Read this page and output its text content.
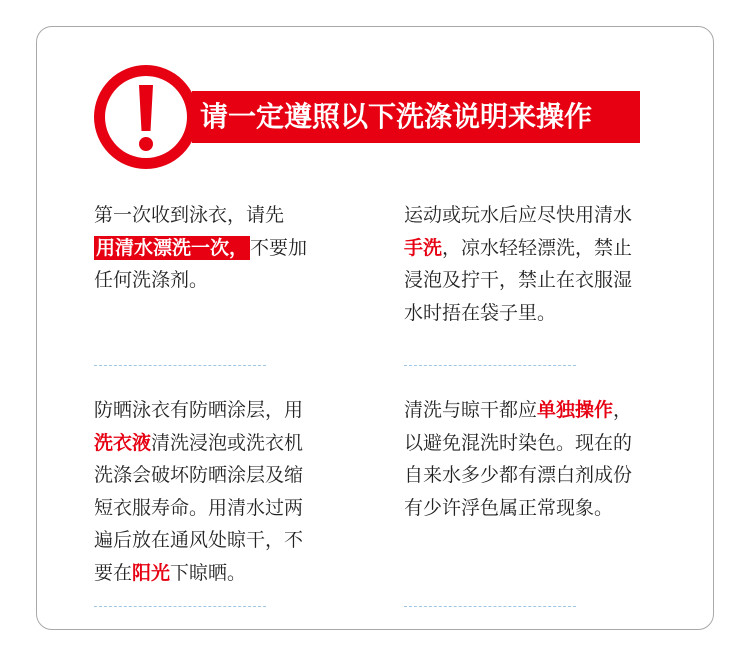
请一定遵照以下洗涤说明来操作
第一次收到泳衣，请先
用清水漂洗一次， 不要加
任何洗涤剂。
运动或玩水后应尽快用清水
手洗，凉水轻轻漂洗，禁止
浸泡及拧干，禁止在衣服湿
水时捂在袋子里。
防晒泳衣有防晒涂层，用
洗衣液清洗浸泡或洗衣机
洗涤会破坏防晒涂层及缩
短衣服寿命。用清水过两
遍后放在通风处晾干，不
要在阳光下晾晒。
清洗与晾干都应单独操作，
以避免混洗时染色。现在的
自来水多少都有漂白剂成份
有少许浮色属正常现象。
